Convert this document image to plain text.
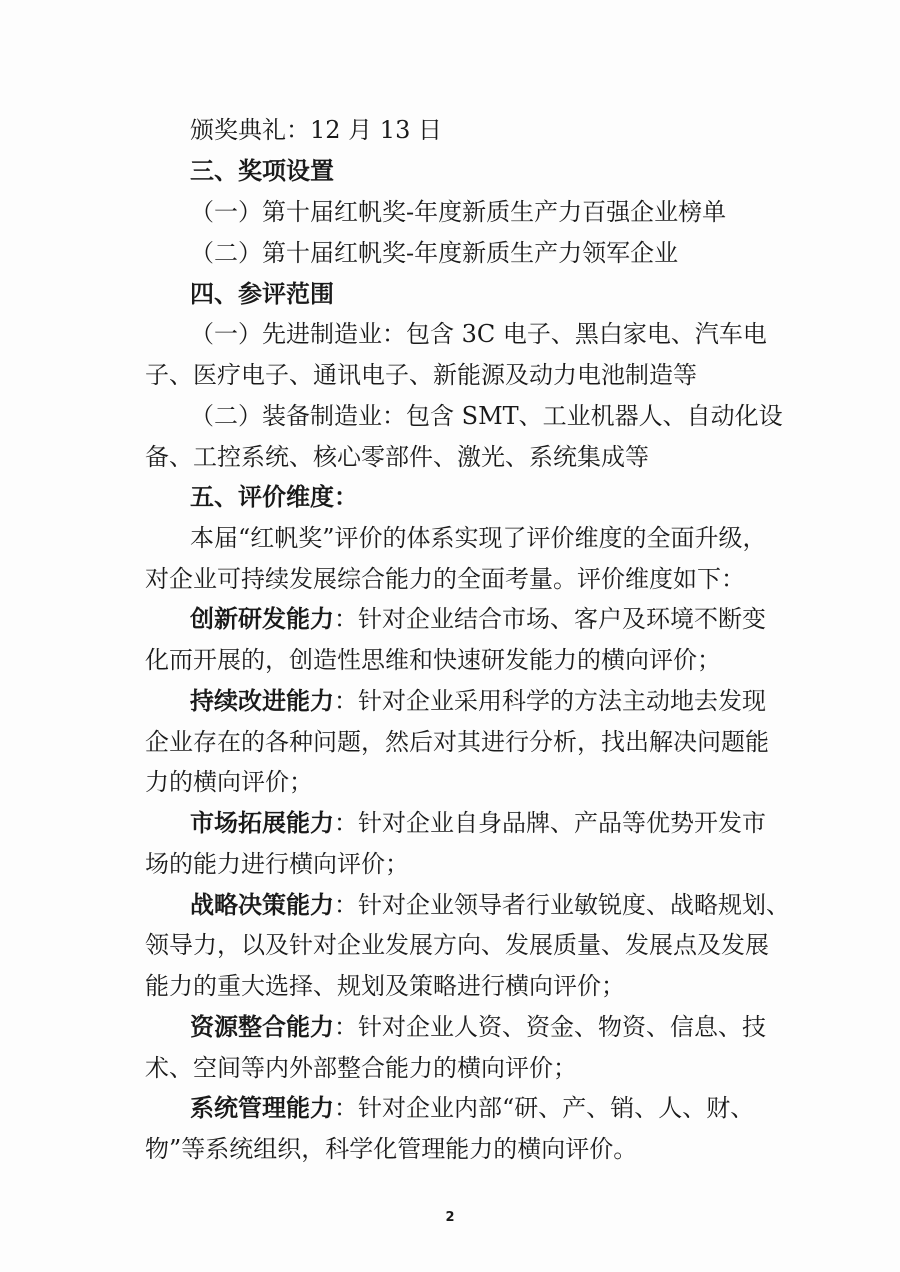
颁奖典礼：12 月 13 日
三、奖项设置
（一）第十届红帆奖-年度新质生产力百强企业榜单
（二）第十届红帆奖-年度新质生产力领军企业
四、参评范围
（一）先进制造业：包含 3C 电子、黑白家电、汽车电
子、医疗电子、通讯电子、新能源及动力电池制造等
（二）装备制造业：包含 SMT、工业机器人、自动化设
备、工控系统、核心零部件、激光、系统集成等
五、评价维度：
本届“红帆奖”评价的体系实现了评价维度的全面升级，
对企业可持续发展综合能力的全面考量。评价维度如下：
创新研发能力：针对企业结合市场、客户及环境不断变
化而开展的，创造性思维和快速研发能力的横向评价；
持续改进能力：针对企业采用科学的方法主动地去发现
企业存在的各种问题，然后对其进行分析，找出解决问题能
力的横向评价；
市场拓展能力：针对企业自身品牌、产品等优势开发市
场的能力进行横向评价；
战略决策能力：针对企业领导者行业敏锐度、战略规划、
领导力，以及针对企业发展方向、发展质量、发展点及发展
能力的重大选择、规划及策略进行横向评价；
资源整合能力：针对企业人资、资金、物资、信息、技
术、空间等内外部整合能力的横向评价；
系统管理能力：针对企业内部“研、产、销、人、财、
物”等系统组织，科学化管理能力的横向评价。
2
